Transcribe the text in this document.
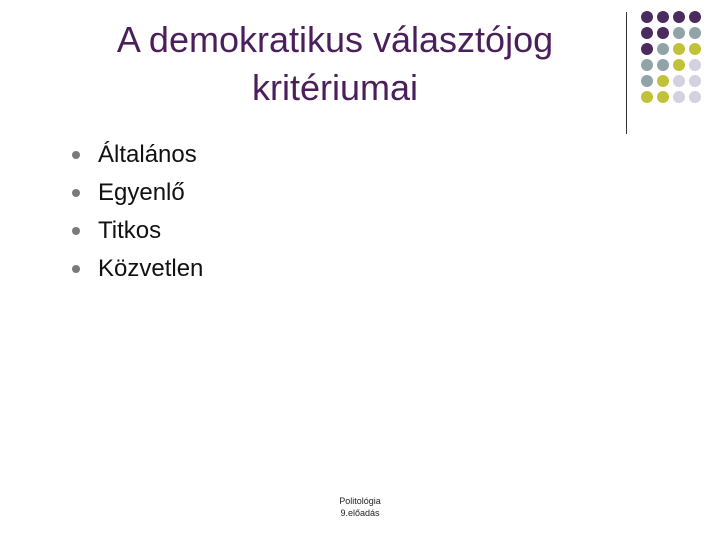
A demokratikus választójog
kritériumai
Általános
Egyenlő
Titkos
Közvetlen
Politológia
9.előadás
